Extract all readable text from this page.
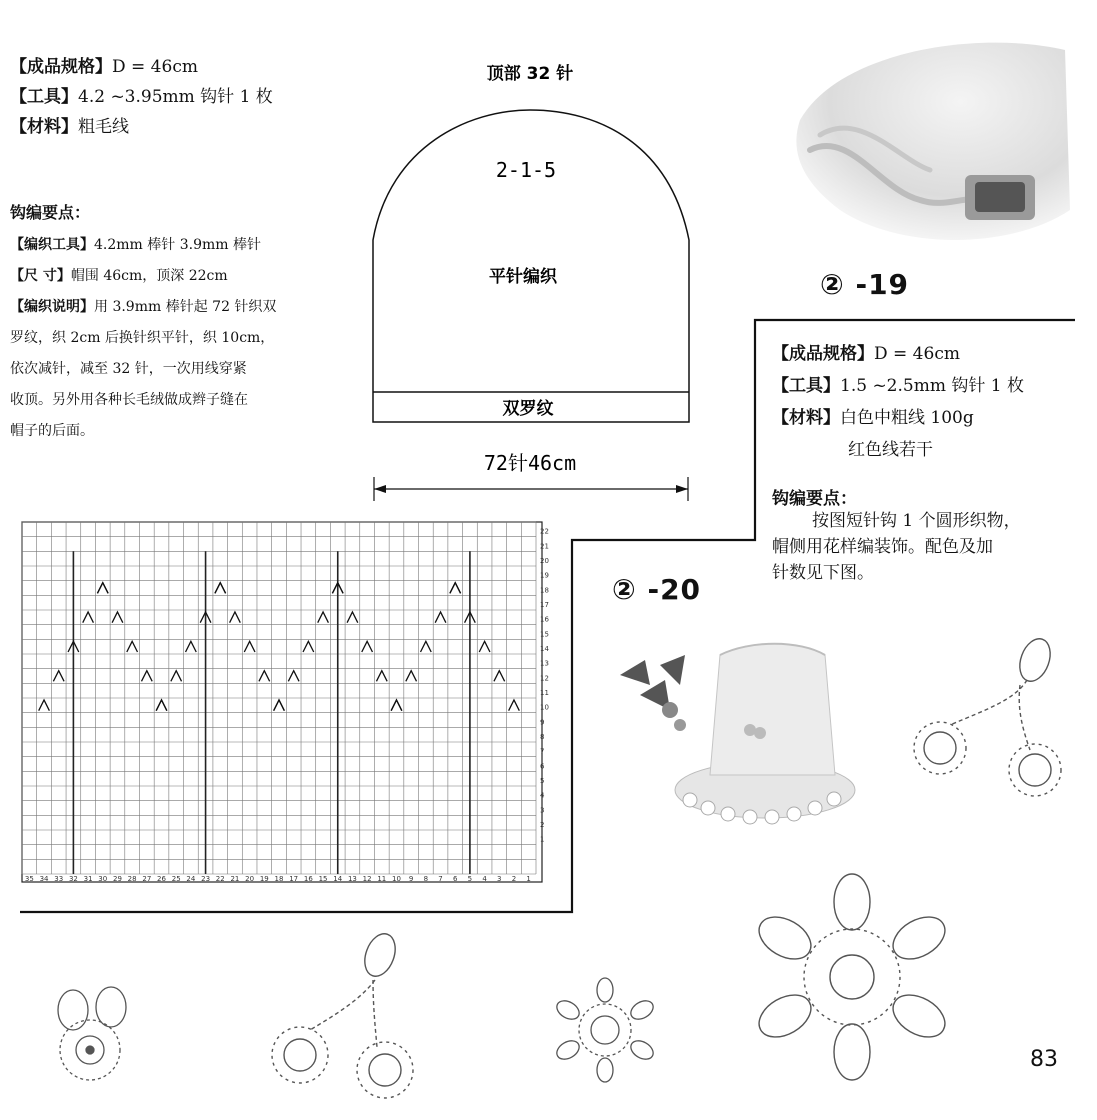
【成品规格】D = 46cm
【工具】4.2 ~3.95mm 钩针 1 枚
【材料】粗毛线
钩编要点：
【编织工具】4.2mm 棒针 3.9mm 棒针
【尺 寸】帽围 46cm，顶深 22cm
【编织说明】用 3.9mm 棒针起 72 针织双
罗纹，织 2cm 后换针织平针，织 10cm，
依次减针，减至 32 针，一次用线穿紧
收顶。另外用各种长毛绒做成辫子缝在
帽子的后面。
顶部 32 针
2-1-5
平针编织
双罗纹
72针46cm
22
21
20
19
18
17
16
15
14
13
12
11
10
9
8
7
6
5
4
3
2
1
35 34 33 32 31 30 29 28 27 26 25 24 23 22 21 20 19 18 17 16 15 14 13 12 11 10 9 8 7 6 5 4 3 2 1
② -19
【成品规格】D = 46cm
【工具】1.5 ~2.5mm 钩针 1 枚
【材料】白色中粗线 100g
红色线若干
钩编要点：
按图短针钩 1 个圆形织物，
帽侧用花样编装饰。配色及加
针数见下图。
② -20
83
